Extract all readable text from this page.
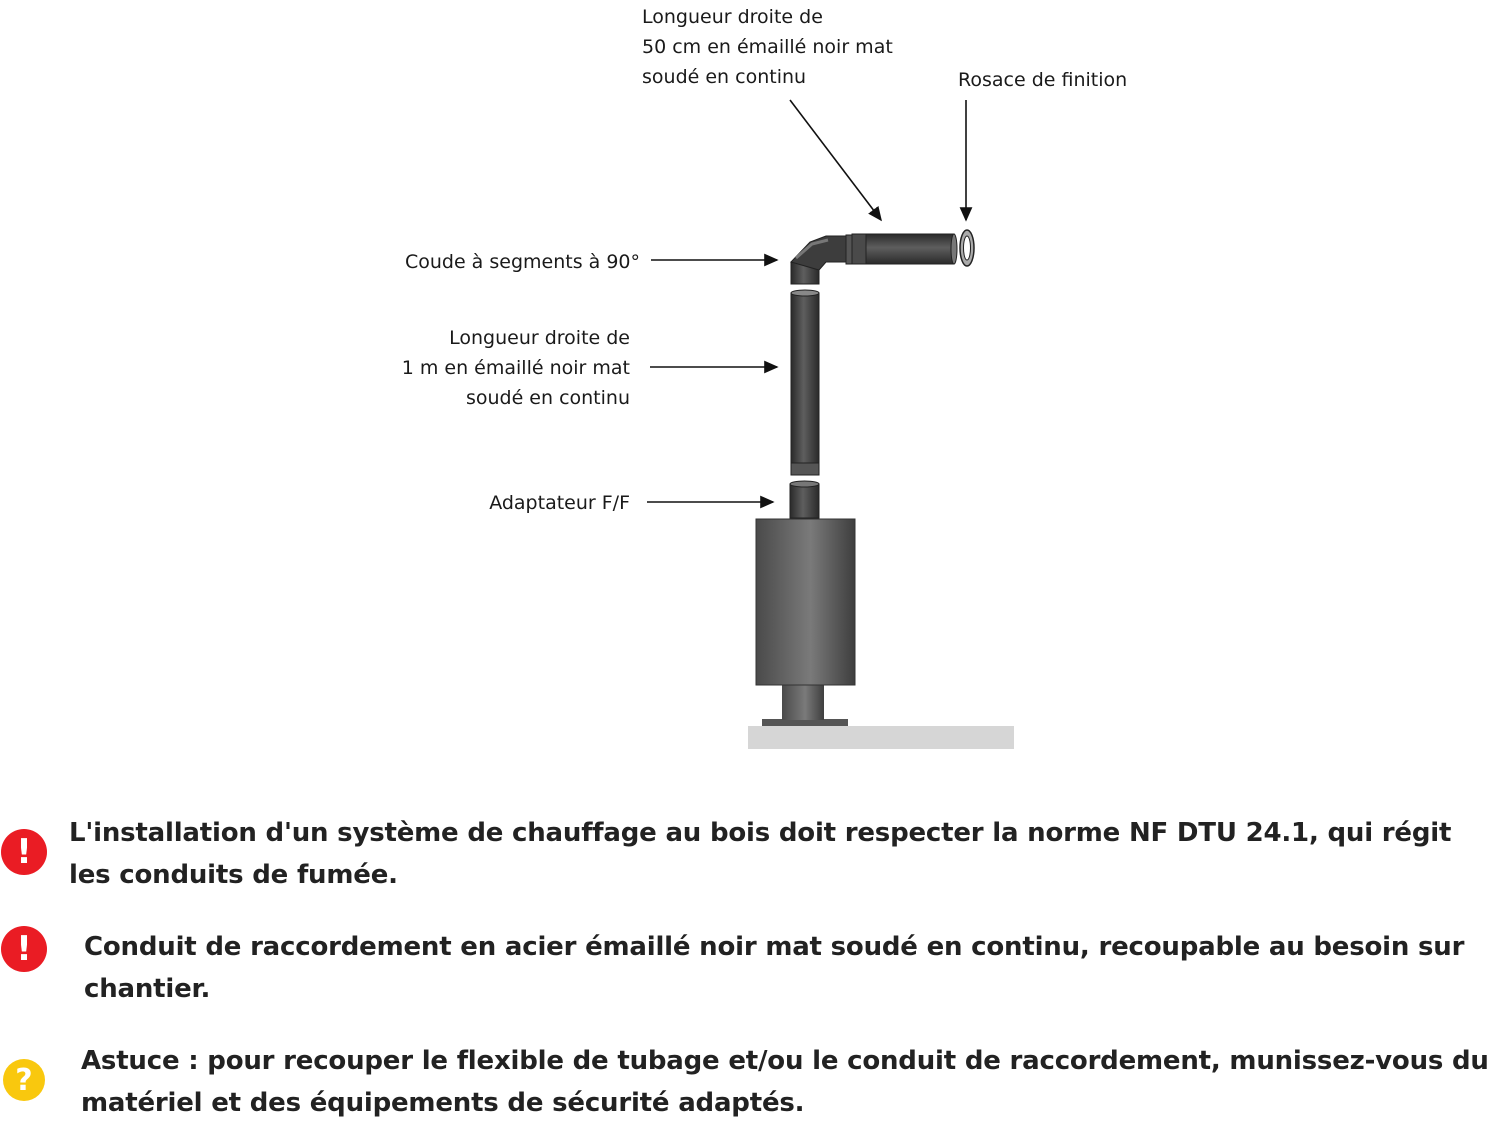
Longueur droite de
50 cm en émaillé noir mat
soudé en continu	Rosace de finition
Coude à segments à 90°
Longueur droite de
1 m en émaillé noir mat
soudé en continu
Adaptateur F/F
!	L'installation d'un système de chauffage au bois doit respecter la norme NF DTU 24.1, qui régit
les conduits de fumée.
!	Conduit de raccordement en acier émaillé noir mat soudé en continu, recoupable au besoin sur
chantier.
?
Astuce : pour recouper le flexible de tubage et/ou le conduit de raccordement, munissez-vous du
matériel et des équipements de sécurité adaptés.
